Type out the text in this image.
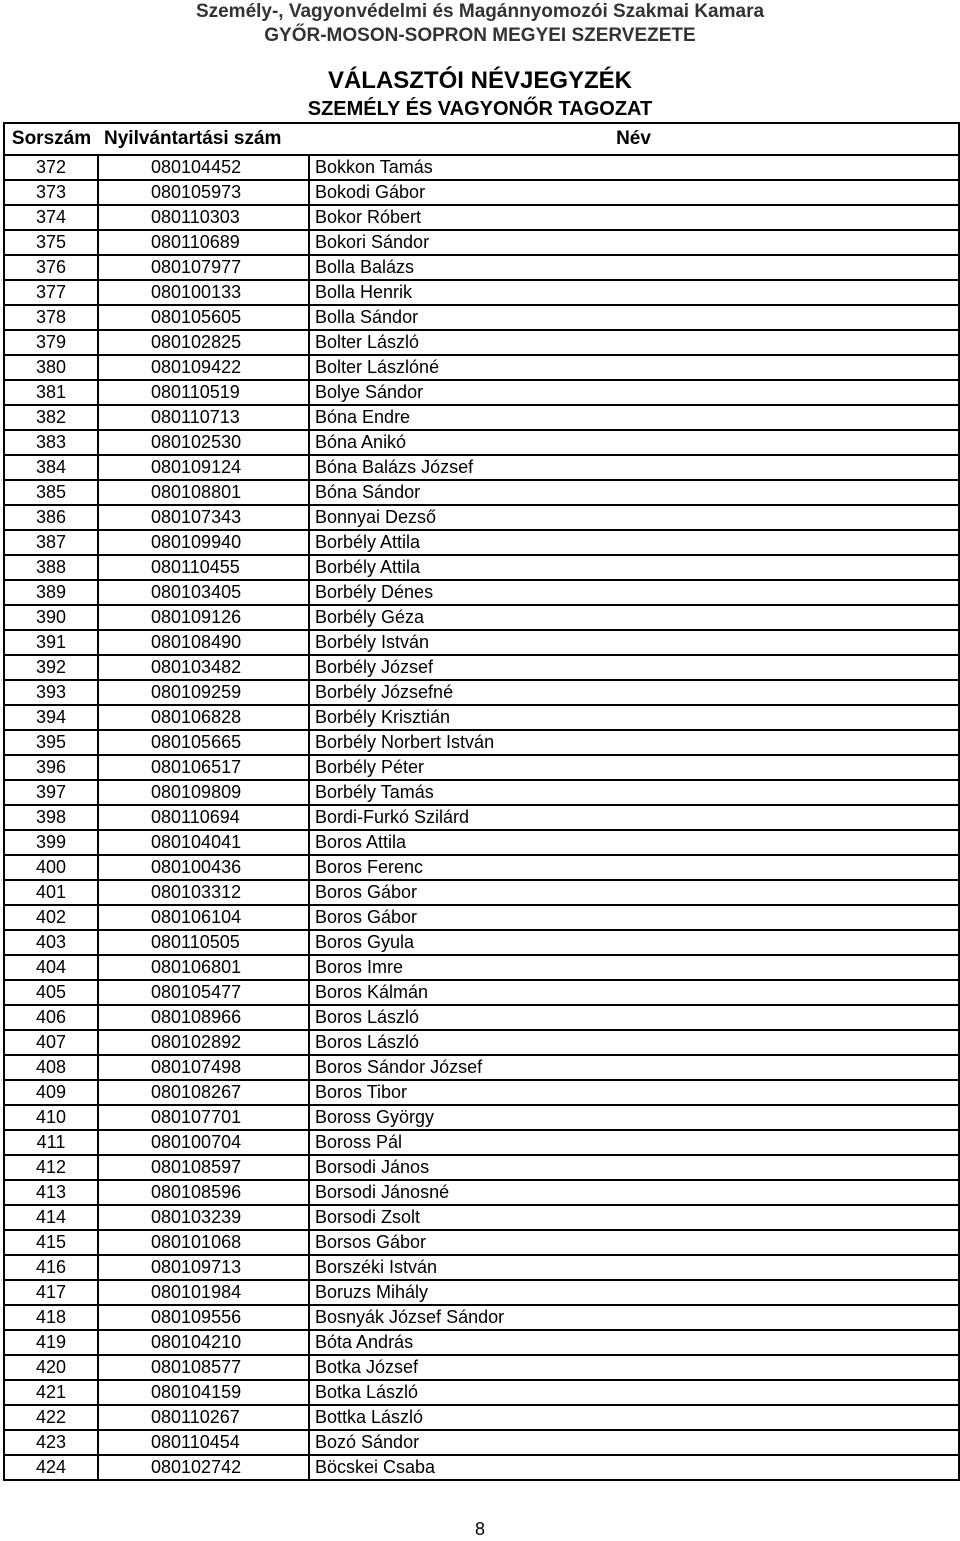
Személy-, Vagyonvédelmi és Magánnyomozói Szakmai Kamara
GYŐR-MOSON-SOPRON MEGYEI SZERVEZETE
VÁLASZTÓI NÉVJEGYZÉK
SZEMÉLY ÉS VAGYONŐR TAGOZAT
Sorszám	Nyilvántartási szám	Név
372	080104452	Bokkon Tamás
373	080105973	Bokodi Gábor
374	080110303	Bokor Róbert
375	080110689	Bokori Sándor
376	080107977	Bolla Balázs
377	080100133	Bolla Henrik
378	080105605	Bolla Sándor
379	080102825	Bolter László
380	080109422	Bolter Lászlóné
381	080110519	Bolye Sándor
382	080110713	Bóna Endre
383	080102530	Bóna Anikó
384	080109124	Bóna Balázs József
385	080108801	Bóna Sándor
386	080107343	Bonnyai Dezső
387	080109940	Borbély Attila
388	080110455	Borbély Attila
389	080103405	Borbély Dénes
390	080109126	Borbély Géza
391	080108490	Borbély István
392	080103482	Borbély József
393	080109259	Borbély Józsefné
394	080106828	Borbély Krisztián
395	080105665	Borbély Norbert István
396	080106517	Borbély Péter
397	080109809	Borbély Tamás
398	080110694	Bordi-Furkó Szilárd
399	080104041	Boros Attila
400	080100436	Boros Ferenc
401	080103312	Boros Gábor
402	080106104	Boros Gábor
403	080110505	Boros Gyula
404	080106801	Boros Imre
405	080105477	Boros Kálmán
406	080108966	Boros László
407	080102892	Boros László
408	080107498	Boros Sándor József
409	080108267	Boros Tibor
410	080107701	Boross György
411	080100704	Boross Pál
412	080108597	Borsodi János
413	080108596	Borsodi Jánosné
414	080103239	Borsodi Zsolt
415	080101068	Borsos Gábor
416	080109713	Borszéki István
417	080101984	Boruzs Mihály
418	080109556	Bosnyák József Sándor
419	080104210	Bóta András
420	080108577	Botka József
421	080104159	Botka László
422	080110267	Bottka László
423	080110454	Bozó Sándor
424	080102742	Böcskei Csaba
8
